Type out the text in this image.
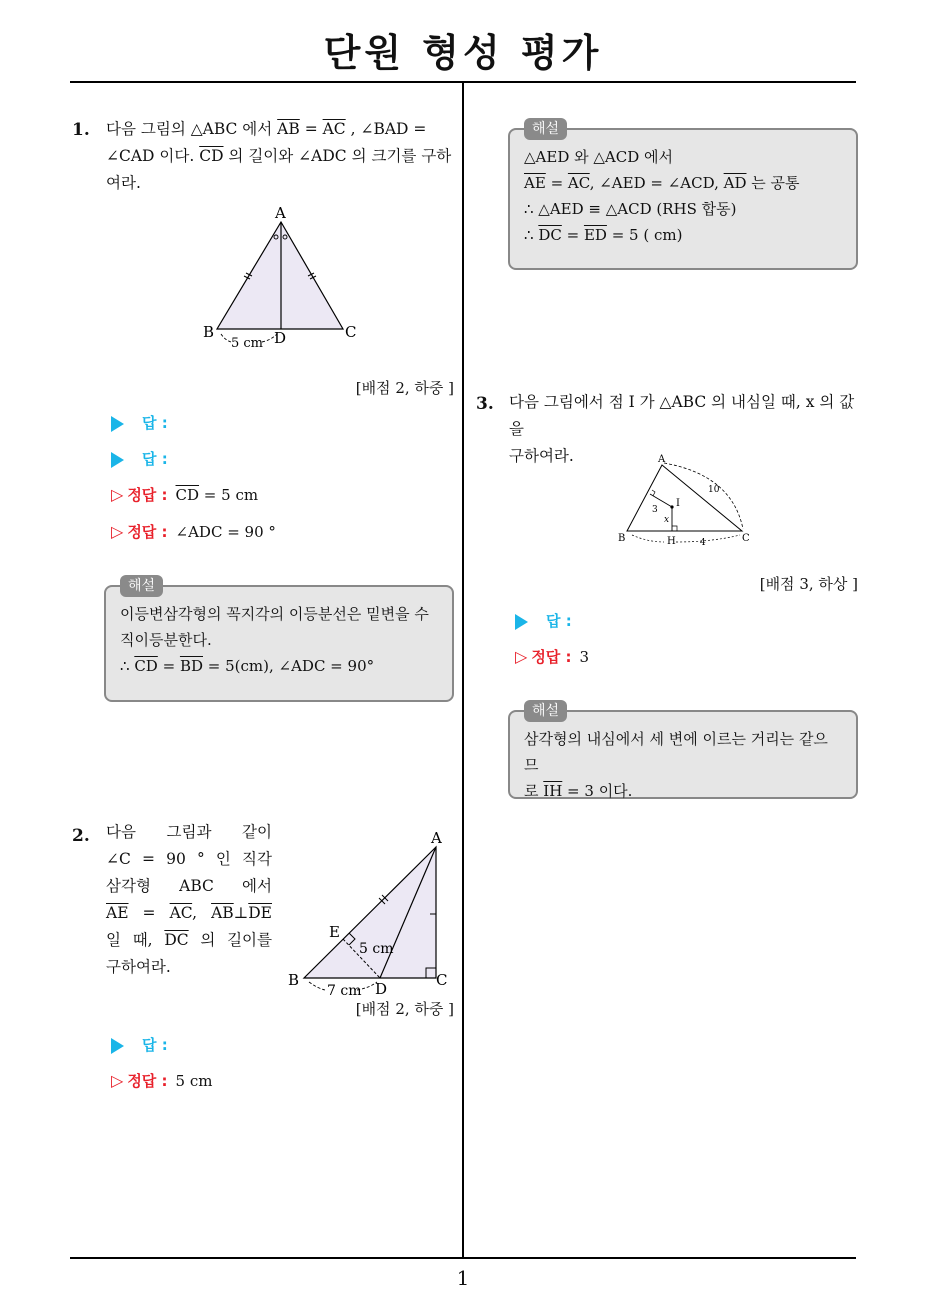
단원 형성 평가
1
1. 다음 그림의 △ABC 에서 $\overline{AB} = \overline{AC}$ , ∠BAD =
∠CAD 이다. $\overline{CD}$ 의 길이와 ∠ADC 의 크기를 구하
여라.
A
B	C
D
5 cm
[배점 2, 하중 ]
답 :
답 :
▷ 정답 : $\overline{CD} = 5$ cm
▷ 정답 : ∠ADC = 90 °
해설
이등변삼각형의 꼭지각의 이등분선은 밑변을 수
직이등분한다.
∴ $\overline{CD} = \overline{BD} = 5(cm)$, ∠ADC = 90°
2. 다음 그림과 같이
∠C = 90 ° 인 직각
삼각형 ABC 에서
$\overline{AE} = \overline{AC}$, $\overline{AB}\perp\overline{DE}$
일 때, $\overline{DC}$ 의 길이를
구하여라.
A
B	C
D
E
5 cm
7 cm
[배점 2, 하중 ]
답 :
▷ 정답 : 5 cm
해설
△AED 와 △ACD 에서
$\overline{AE} = \overline{AC}$, ∠AED = ∠ACD, $\overline{AD}$ 는 공통
∴ △AED ≡ △ACD (RHS 합동)
∴ $\overline{DC} = \overline{ED} = 5$ ( cm)
3. 다음 그림에서 점 I 가 △ABC 의 내심일 때, x 의 값을
구하여라.	A
B	C
H
I
x
3
4
10
[배점 3, 하상 ]
답 :
▷ 정답 : 3
해설
삼각형의 내심에서 세 변에 이르는 거리는 같으므
로 $\overline{IH} = 3$ 이다.
